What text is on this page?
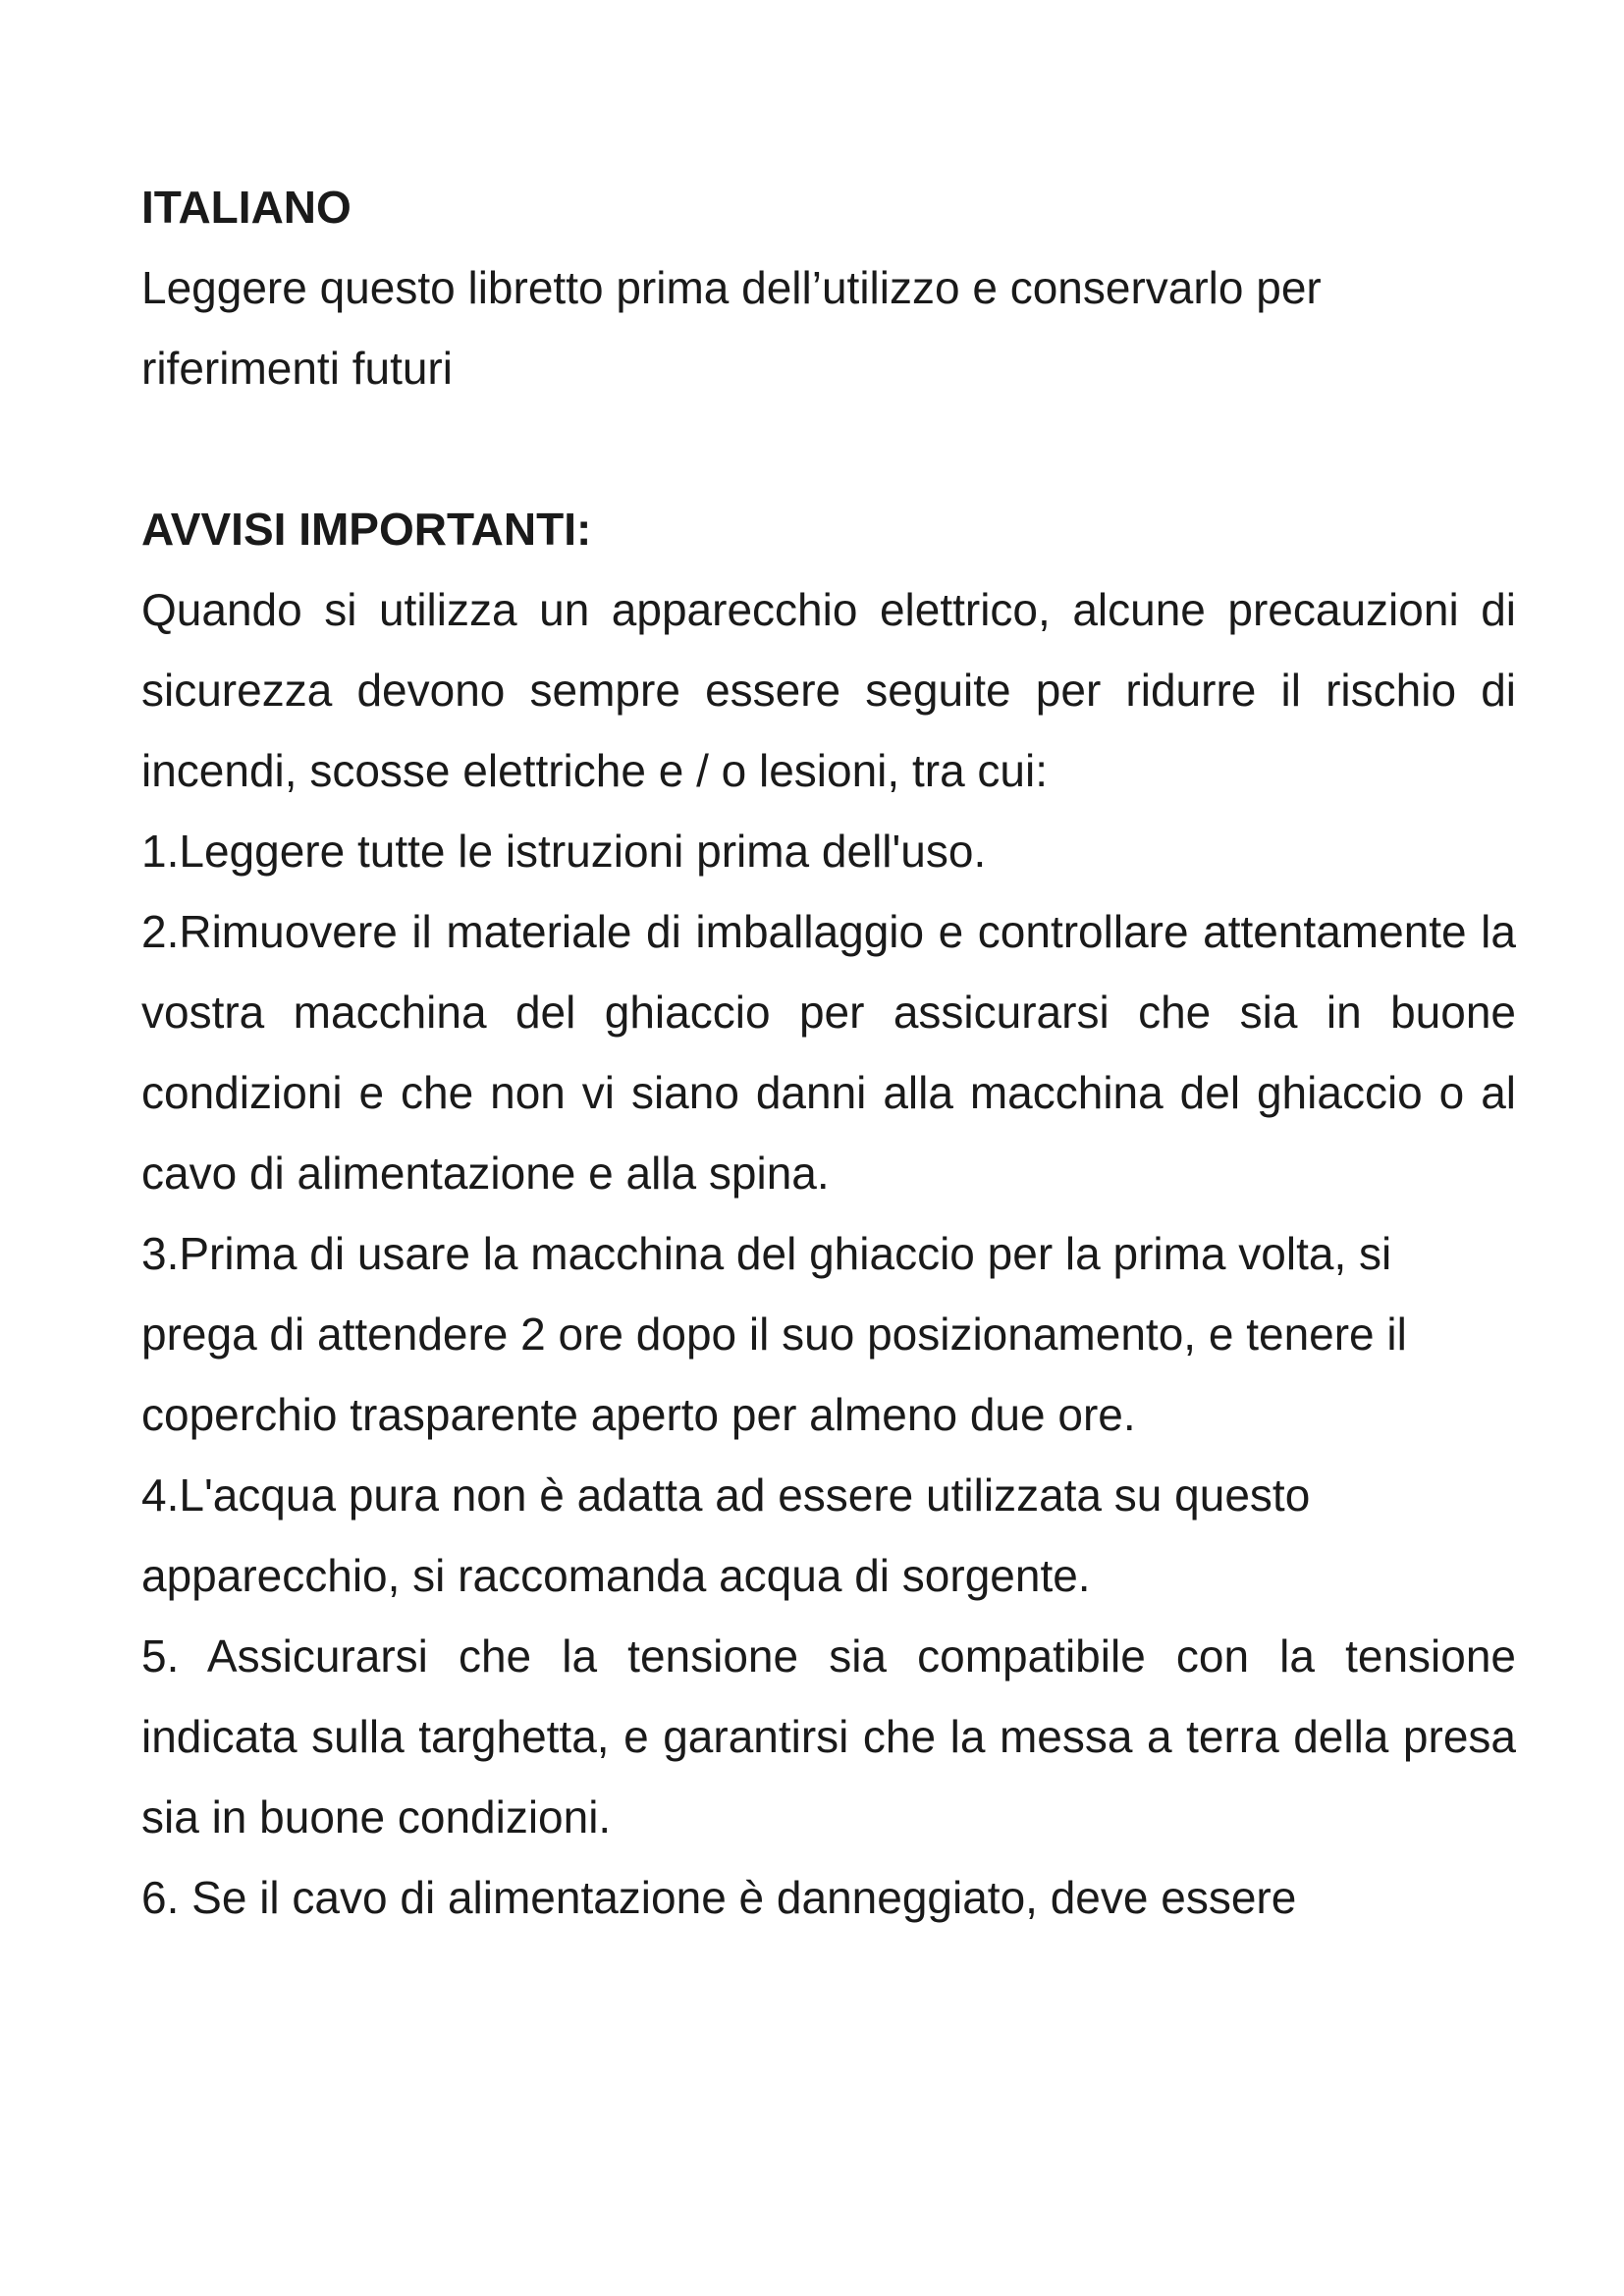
ITALIANO

Leggere questo libretto prima dell’utilizzo e conservarlo per riferimenti futuri

AVVISI IMPORTANTI:

Quando si utilizza un apparecchio elettrico, alcune precauzioni di sicurezza devono sempre essere seguite per ridurre il rischio di incendi, scosse elettriche e / o lesioni, tra cui:

1.Leggere tutte le istruzioni prima dell'uso.
2.Rimuovere il materiale di imballaggio e controllare attentamente la vostra macchina del ghiaccio per assicurarsi che sia in buone condizioni e che non vi siano danni alla macchina del ghiaccio o al cavo di alimentazione e alla spina.
3.Prima di usare la macchina del ghiaccio per la prima volta, si prega di attendere 2 ore dopo il suo posizionamento, e tenere il coperchio trasparente aperto per almeno due ore.
4.L'acqua pura non è adatta ad essere utilizzata su questo apparecchio, si raccomanda acqua di sorgente.
5. Assicurarsi che la tensione sia compatibile con la tensione indicata sulla targhetta, e garantirsi che la messa a terra della presa sia in buone condizioni.
6. Se il cavo di alimentazione è danneggiato, deve essere
